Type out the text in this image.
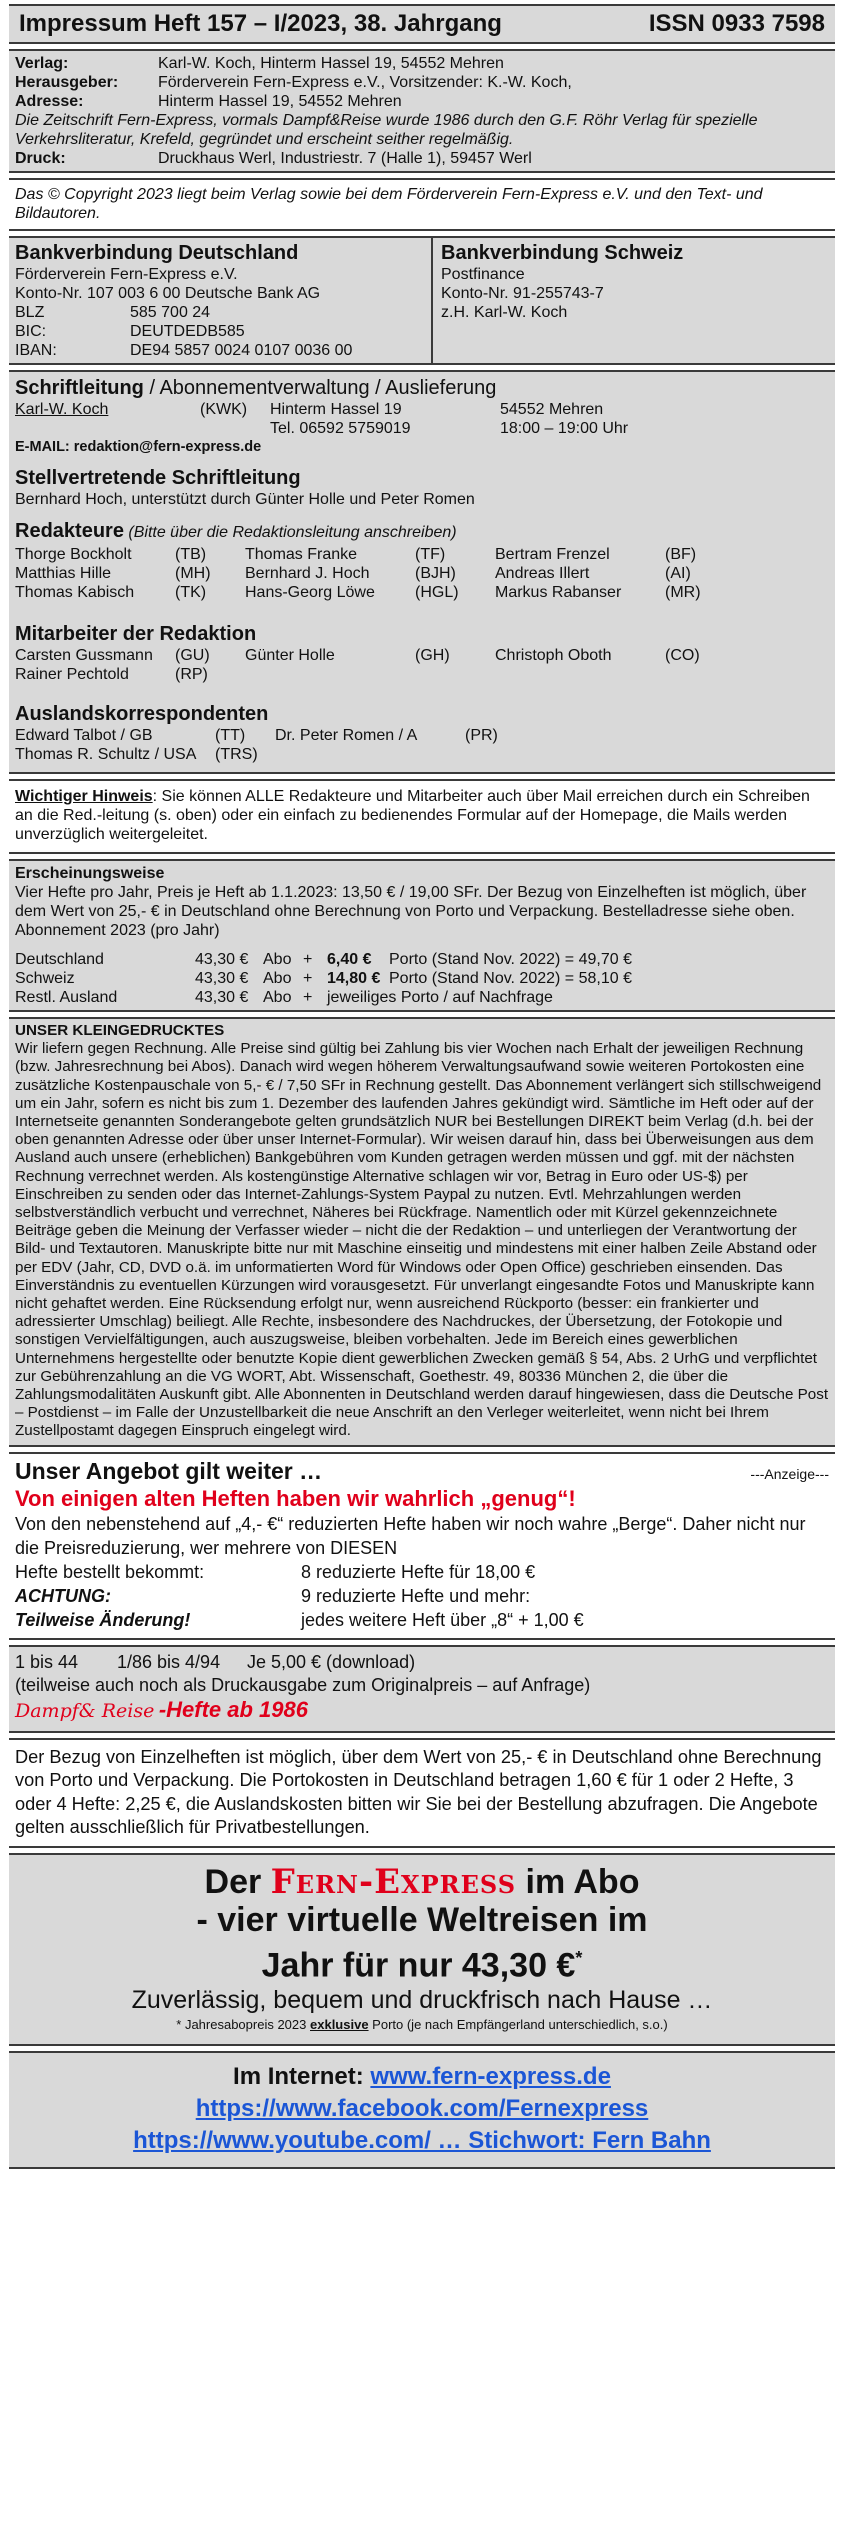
Impressum Heft 157 – I/2023, 38. Jahrgang	ISSN 0933 7598
Verlag:	Karl-W. Koch, Hinterm Hassel 19, 54552 Mehren
Herausgeber:	Förderverein Fern-Express e.V., Vorsitzender: K.-W. Koch,
Adresse:	Hinterm Hassel 19, 54552 Mehren
Die Zeitschrift Fern-Express, vormals Dampf&Reise wurde 1986 durch den G.F. Röhr Verlag für spezielle Verkehrsliteratur, Krefeld, gegründet und erscheint seither regelmäßig.
Druck:	Druckhaus Werl, Industriestr. 7 (Halle 1), 59457 Werl
Das © Copyright 2023 liegt beim Verlag sowie bei dem Förderverein Fern-Express e.V. und den Text- und Bildautoren.
Bankverbindung Deutschland
Förderverein Fern-Express e.V.
Konto-Nr. 107 003 6 00 Deutsche Bank AG
BLZ	585 700 24
BIC:	DEUTDEDB585
IBAN:	DE94 5857 0024 0107 0036 00
Bankverbindung Schweiz
Postfinance
Konto-Nr. 91-255743-7
z.H. Karl-W. Koch
Schriftleitung / Abonnementverwaltung / Auslieferung
Karl-W. Koch	(KWK)	Hinterm Hassel 19	54552 Mehren
Tel. 06592 5759019	18:00 – 19:00 Uhr
E-MAIL: redaktion@fern-express.de
Stellvertretende Schriftleitung
Bernhard Hoch, unterstützt durch Günter Holle und Peter Romen
Redakteure (Bitte über die Redaktionsleitung anschreiben)
Thorge Bockholt	(TB)	Thomas Franke	(TF)	Bertram Frenzel	(BF)
Matthias Hille	(MH)	Bernhard J. Hoch	(BJH)	Andreas Illert	(AI)
Thomas Kabisch	(TK)	Hans-Georg Löwe	(HGL)	Markus Rabanser	(MR)
Mitarbeiter der Redaktion
Carsten Gussmann	(GU)	Günter Holle	(GH)	Christoph Oboth	(CO)
Rainer Pechtold	(RP)
Auslandskorrespondenten
Edward Talbot / GB	(TT)	Dr. Peter Romen / A	(PR)
Thomas R. Schultz / USA	(TRS)
Wichtiger Hinweis: Sie können ALLE Redakteure und Mitarbeiter auch über Mail erreichen durch ein Schreiben an die Red.-leitung (s. oben) oder ein einfach zu bedienendes Formular auf der Homepage, die Mails werden unverzüglich weitergeleitet.
Erscheinungsweise
Vier Hefte pro Jahr, Preis je Heft ab 1.1.2023: 13,50 € / 19,00 SFr. Der Bezug von Einzelheften ist möglich, über dem Wert von 25,- € in Deutschland ohne Berechnung von Porto und Verpackung. Bestelladresse siehe oben. Abonnement 2023 (pro Jahr)
Deutschland	43,30 € Abo + 6,40 €	Porto (Stand Nov. 2022) = 49,70 €
Schweiz	43,30 € Abo + 14,80 € Porto (Stand Nov. 2022) = 58,10 €
Restl. Ausland	43,30 € Abo + jeweiliges Porto / auf Nachfrage
UNSER KLEINGEDRUCKTES
Wir liefern gegen Rechnung. Alle Preise sind gültig bei Zahlung bis vier Wochen nach Erhalt der jeweiligen Rechnung (bzw. Jahresrechnung bei Abos). Danach wird wegen höherem Verwaltungsaufwand sowie weiteren Portokosten eine zusätzliche Kostenpauschale von 5,- € / 7,50 SFr in Rechnung gestellt. Das Abonnement verlängert sich stillschweigend um ein Jahr, sofern es nicht bis zum 1. Dezember des laufenden Jahres gekündigt wird. Sämtliche im Heft oder auf der Internetseite genannten Sonderangebote gelten grundsätzlich NUR bei Bestellungen DIREKT beim Verlag (d.h. bei der oben genannten Adresse oder über unser Internet-Formular). Wir weisen darauf hin, dass bei Überweisungen aus dem Ausland auch unsere (erheblichen) Bankgebühren vom Kunden getragen werden müssen und ggf. mit der nächsten Rechnung verrechnet werden. Als kostengünstige Alternative schlagen wir vor, Betrag in Euro oder US-$) per Einschreiben zu senden oder das Internet-Zahlungs-System Paypal zu nutzen. Evtl. Mehrzahlungen werden selbstverständlich verbucht und verrechnet, Näheres bei Rückfrage. Namentlich oder mit Kürzel gekennzeichnete Beiträge geben die Meinung der Verfasser wieder – nicht die der Redaktion – und unterliegen der Verantwortung der Bild- und Textautoren. Manuskripte bitte nur mit Maschine einseitig und mindestens mit einer halben Zeile Abstand oder per EDV (Jahr, CD, DVD o.ä. im unformatierten Word für Windows oder Open Office) geschrieben einsenden. Das Einverständnis zu eventuellen Kürzungen wird vorausgesetzt. Für unverlangt eingesandte Fotos und Manuskripte kann nicht gehaftet werden. Eine Rücksendung erfolgt nur, wenn ausreichend Rückporto (besser: ein frankierter und adressierter Umschlag) beiliegt. Alle Rechte, insbesondere des Nachdruckes, der Übersetzung, der Fotokopie und sonstigen Vervielfältigungen, auch auszugsweise, bleiben vorbehalten. Jede im Bereich eines gewerblichen Unternehmens hergestellte oder benutzte Kopie dient gewerblichen Zwecken gemäß § 54, Abs. 2 UrhG und verpflichtet zur Gebührenzahlung an die VG WORT, Abt. Wissenschaft, Goethestr. 49, 80336 München 2, die über die Zahlungsmodalitäten Auskunft gibt. Alle Abonnenten in Deutschland werden darauf hingewiesen, dass die Deutsche Post – Postdienst – im Falle der Unzustellbarkeit die neue Anschrift an den Verleger weiterleitet, wenn nicht bei Ihrem Zustellpostamt dagegen Einspruch eingelegt wird.
Unser Angebot gilt weiter …	---Anzeige---
Von einigen alten Heften haben wir wahrlich „genug“!
Von den nebenstehend auf „4,- €“ reduzierten Hefte haben wir noch wahre „Berge“. Daher nicht nur die Preisreduzierung, wer mehrere von DIESEN
Hefte bestellt bekommt:	8 reduzierte Hefte für 18,00 €
ACHTUNG:	9 reduzierte Hefte und mehr:
Teilweise Änderung!	jedes weitere Heft über „8“ + 1,00 €
1 bis 44	1/86 bis 4/94	Je 5,00 € (download)
(teilweise auch noch als Druckausgabe zum Originalpreis – auf Anfrage)
Dampf& Reise -Hefte ab 1986
Der Bezug von Einzelheften ist möglich, über dem Wert von 25,- € in Deutschland ohne Berechnung von Porto und Verpackung. Die Portokosten in Deutschland betragen 1,60 € für 1 oder 2 Hefte, 3 oder 4 Hefte: 2,25 €, die Auslandskosten bitten wir Sie bei der Bestellung abzufragen. Die Angebote gelten ausschließlich für Privatbestellungen.
Der Fern-Express im Abo
- vier virtuelle Weltreisen im
Jahr für nur 43,30 €*
Zuverlässig, bequem und druckfrisch nach Hause …
* Jahresabopreis 2023 exklusive Porto (je nach Empfängerland unterschiedlich, s.o.)
Im Internet: www.fern-express.de
https://www.facebook.com/Fernexpress
https://www.youtube.com/ … Stichwort: Fern Bahn
